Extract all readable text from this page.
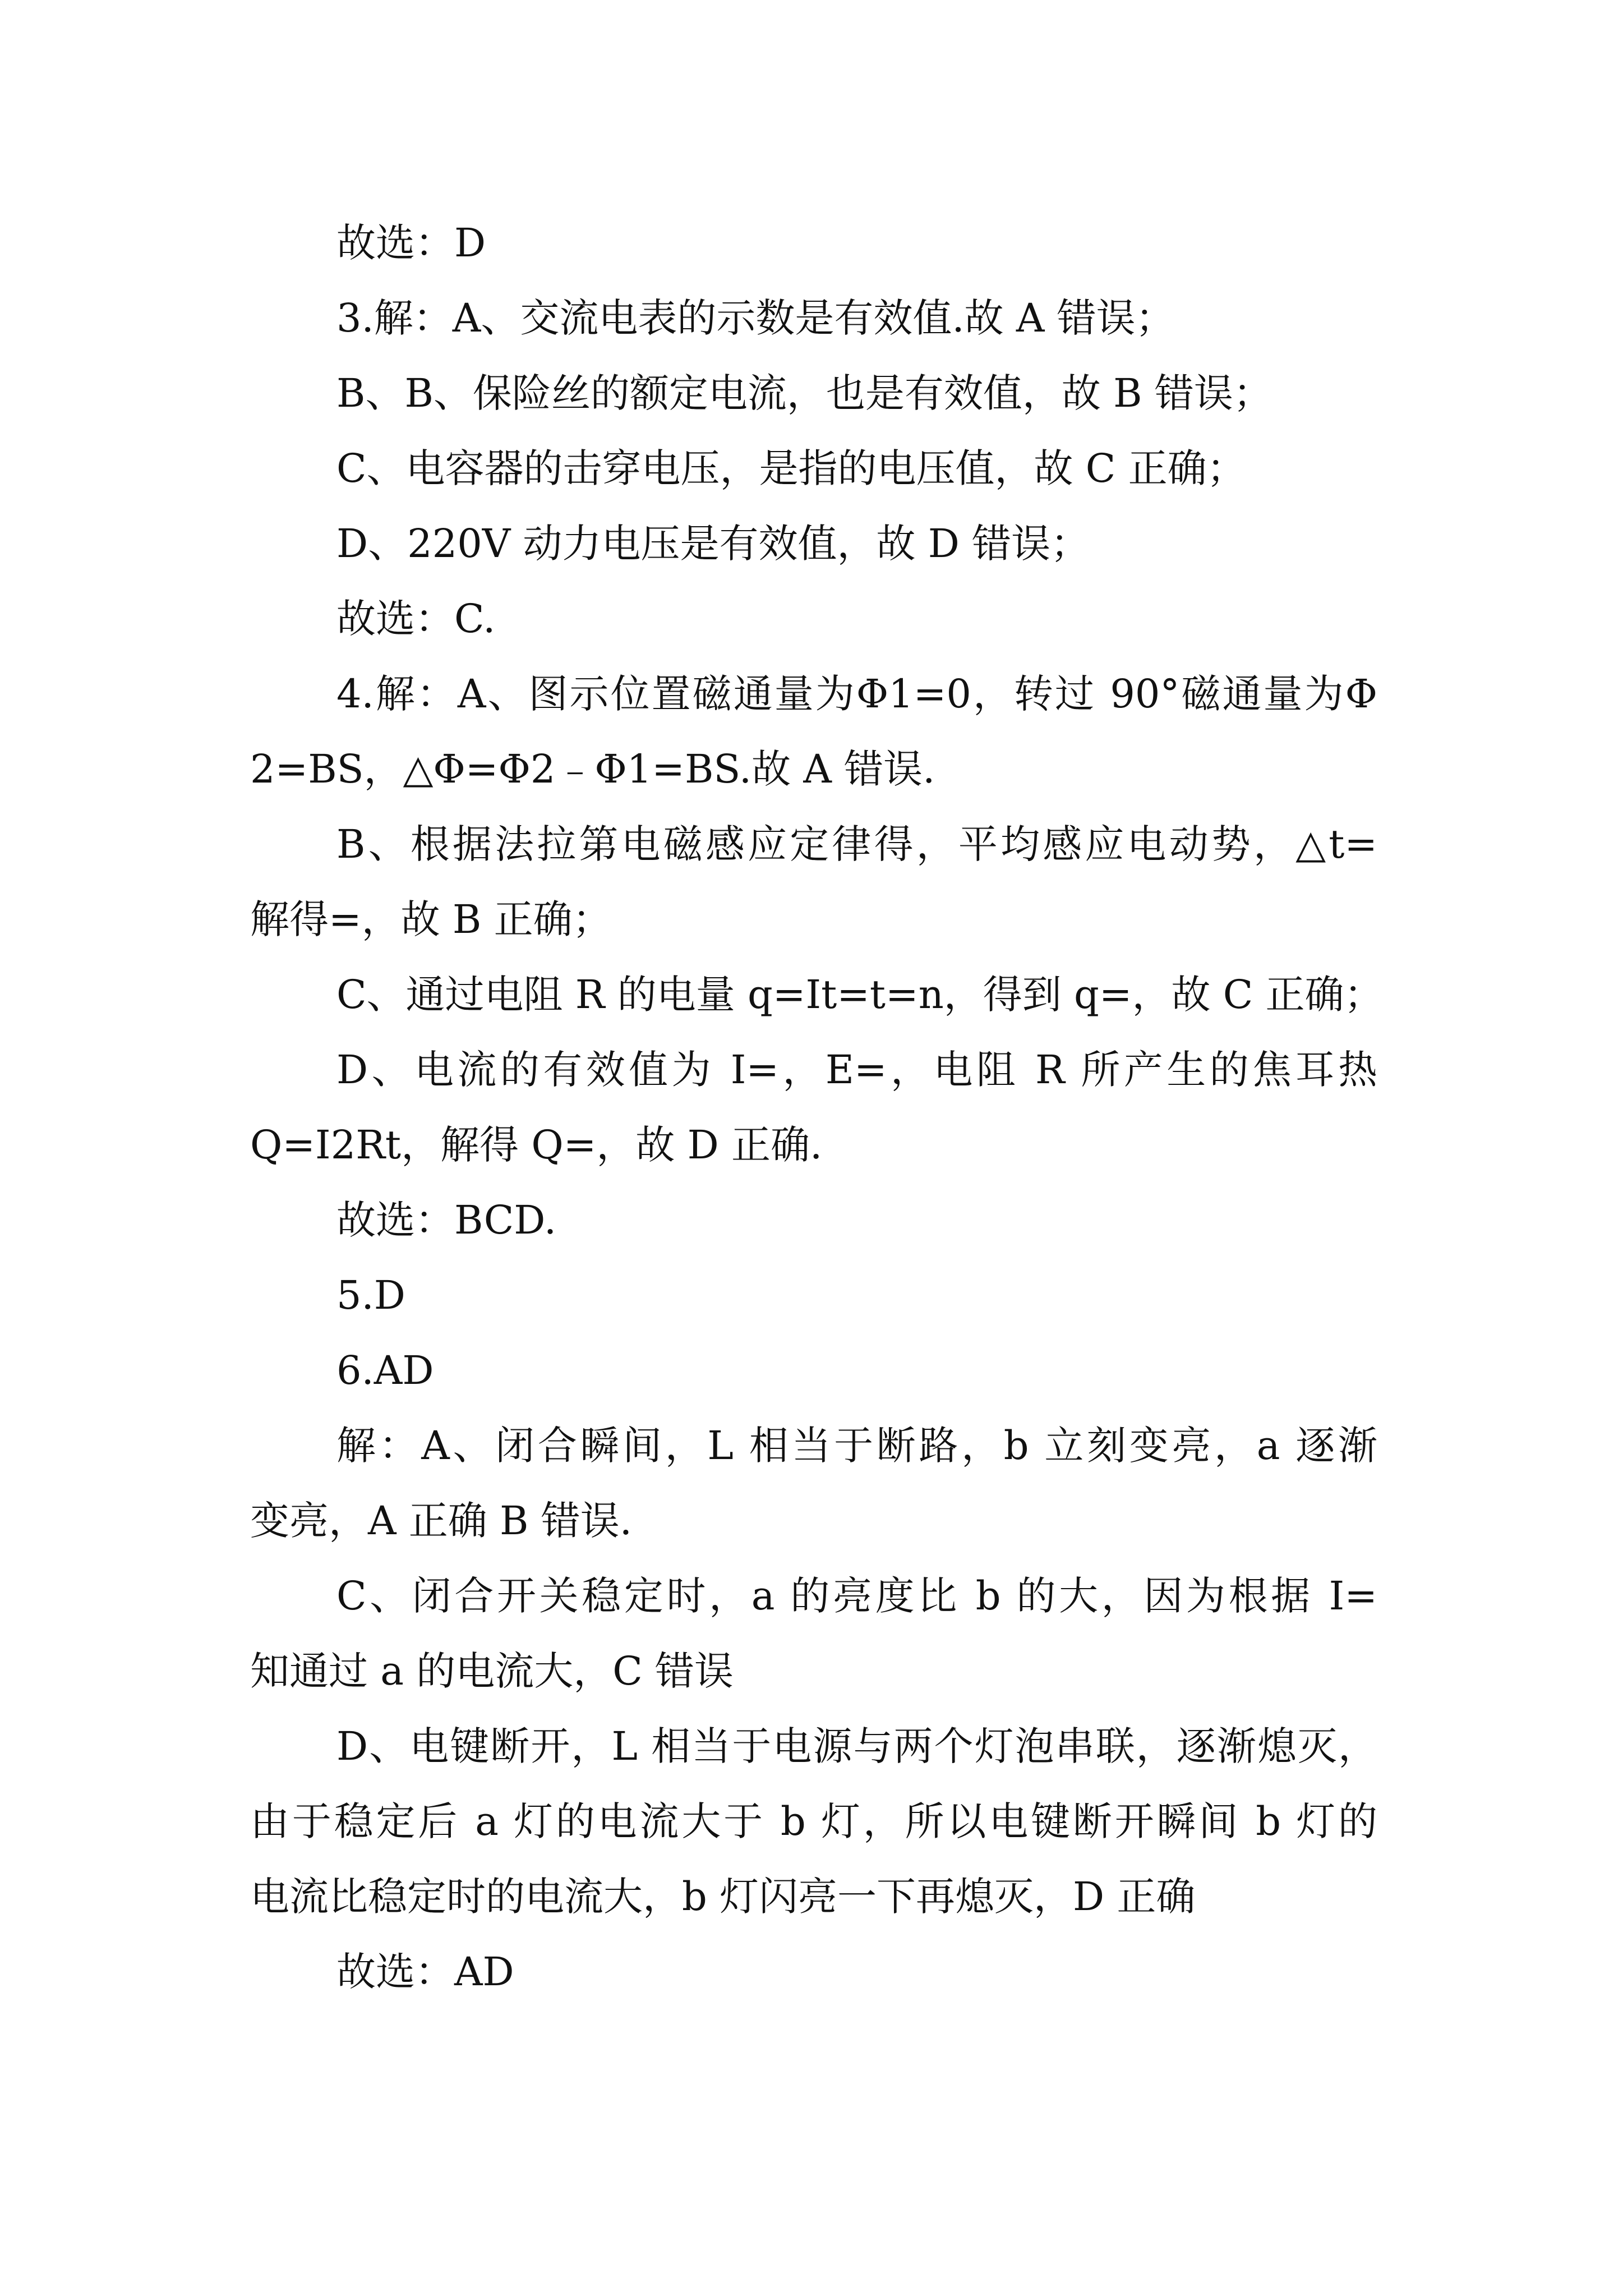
故选：D

3.解：A、交流电表的示数是有效值.故 A 错误；

B、B、保险丝的额定电流，也是有效值，故 B 错误；

C、电容器的击穿电压，是指的电压值，故 C 正确；

D、220V 动力电压是有效值，故 D 错误；

故选：C.

4.解：A、图示位置磁通量为Φ1=0，转过 90°磁通量为Φ

2=BS，△Φ=Φ2﹣Φ1=BS.故 A 错误.

B、根据法拉第电磁感应定律得，平均感应电动势，△t=

解得=，故 B 正确；

C、通过电阻 R 的电量 q=It=t=n，得到 q=，故 C 正确；

D、电流的有效值为 I=，E=，电阻 R 所产生的焦耳热

Q=I2Rt，解得 Q=，故 D 正确.

故选：BCD.

5.D

6.AD

解：A、闭合瞬间，L 相当于断路，b 立刻变亮，a 逐渐

变亮，A 正确 B 错误.

C、闭合开关稳定时，a 的亮度比 b 的大，因为根据 I=

知通过 a 的电流大，C 错误

D、电键断开，L 相当于电源与两个灯泡串联，逐渐熄灭，

由于稳定后 a 灯的电流大于 b 灯，所以电键断开瞬间 b 灯的

电流比稳定时的电流大，b 灯闪亮一下再熄灭，D 正确

故选：AD
